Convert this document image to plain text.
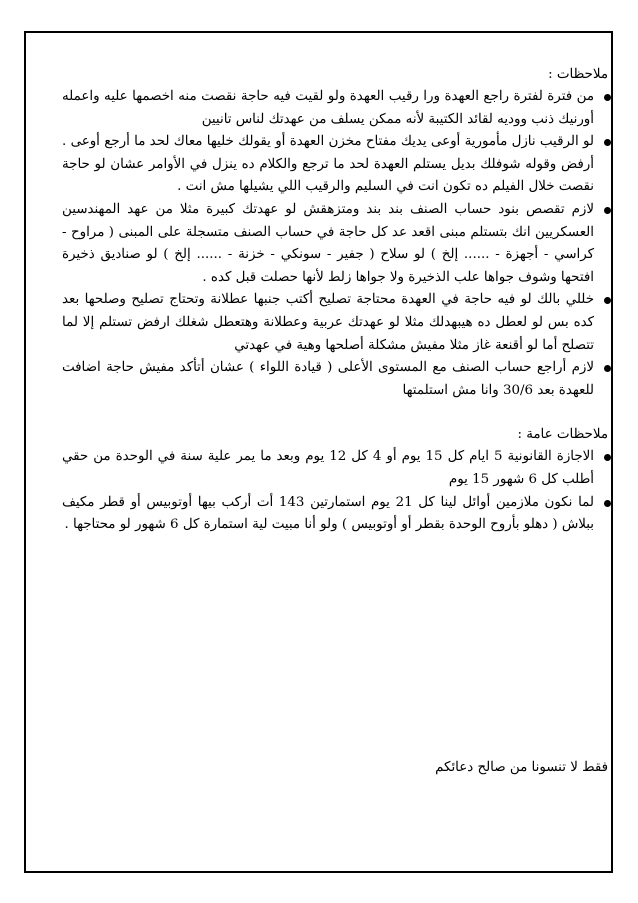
ملاحظات :

من فترة لفترة راجع العهدة ورا رقيب العهدة ولو لقيت فيه حاجة نقصت منه اخصمها عليه واعمله أورنيك ذنب ووديه لقائد الكتيبة لأنه ممكن يسلف من عهدتك لناس تانيين
لو الرقيب نازل مأمورية أوعى يديك مفتاح مخزن العهدة أو يقولك خليها معاك لحد ما أرجع أوعى . أرفض وقوله شوفلك بديل يستلم العهدة لحد ما ترجع والكلام ده ينزل في الأوامر عشان لو حاجة نقصت خلال الفيلم ده تكون انت في السليم والرقيب اللي يشيلها مش انت .
لازم تقصص بنود حساب الصنف بند بند ومتزهقش لو عهدتك كبيرة مثلا من عهد المهندسين العسكريين انك بتستلم مبنى اقعد عد كل حاجة في حساب الصنف متسجلة على المبنى ( مراوح - كراسي - أجهزة - ...... إلخ ) لو سلاح ( جفير - سونكي - خزنة - ...... إلخ ) لو صناديق ذخيرة افتحها وشوف جواها علب الذخيرة ولا جواها زلط لأنها حصلت قبل كده .
خللي بالك لو فيه حاجة في العهدة محتاجة تصليح أكتب جنبها عطلانة وتحتاج تصليح وصلحها بعد كده بس لو لعطل ده هيبهدلك مثلا لو عهدتك عربية وعطلانة وهتعطل شغلك ارفض تستلم إلا لما تتصلح أما لو أقنعة غاز مثلا مفيش مشكلة أصلحها وهية في عهدتي
لازم أراجع حساب الصنف مع المستوى الأعلى ( قيادة اللواء ) عشان أتأكد مفيش حاجة اضافت للعهدة بعد 30/6 وانا مش استلمتها

ملاحظات عامة :

الاجازة القانونية 5 ايام كل 15 يوم أو 4 كل 12 يوم وبعد ما يمر علية سنة في الوحدة من حقي أطلب كل 6 شهور 15 يوم
لما نكون ملازمين أوائل لينا كل 21 يوم استمارتين 143 أت أركب بيها أوتوبيس أو قطر مكيف ببلاش ( دهلو بأروح الوحدة بقطر أو أوتوبيس ) ولو أنا مبيت لية استمارة كل 6 شهور لو محتاجها .
فقط لا تنسونا من صالح دعائكم
